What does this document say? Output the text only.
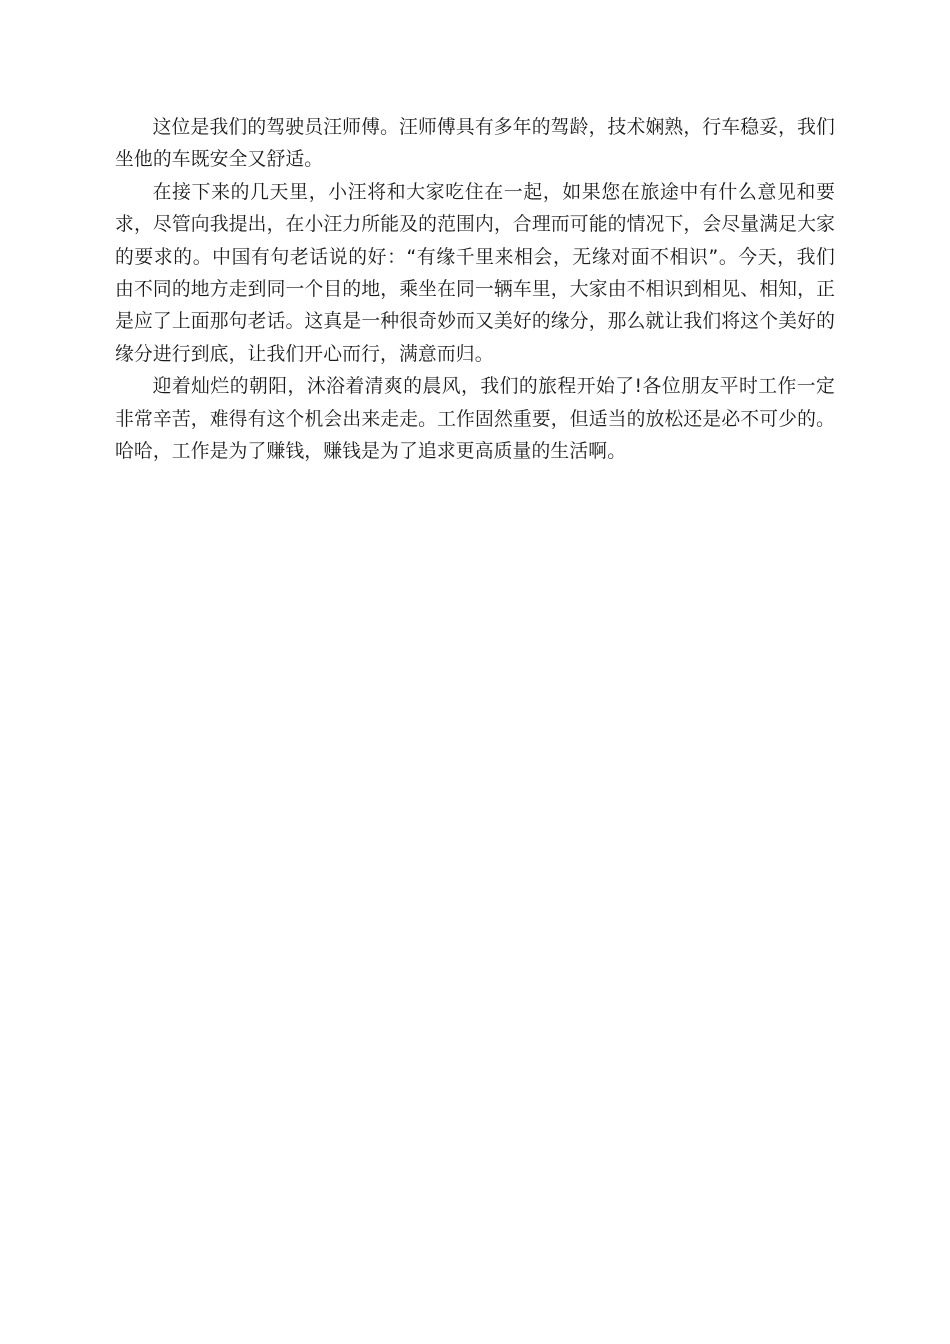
这位是我们的驾驶员汪师傅。汪师傅具有多年的驾龄，技术娴熟，行车稳妥，我们坐他的车既安全又舒适。

在接下来的几天里，小汪将和大家吃住在一起，如果您在旅途中有什么意见和要求，尽管向我提出，在小汪力所能及的范围内，合理而可能的情况下，会尽量满足大家的要求的。中国有句老话说的好：“有缘千里来相会，无缘对面不相识”。今天，我们由不同的地方走到同一个目的地，乘坐在同一辆车里，大家由不相识到相见、相知，正是应了上面那句老话。这真是一种很奇妙而又美好的缘分，那么就让我们将这个美好的缘分进行到底，让我们开心而行，满意而归。

迎着灿烂的朝阳，沐浴着清爽的晨风，我们的旅程开始了!各位朋友平时工作一定非常辛苦，难得有这个机会出来走走。工作固然重要，但适当的放松还是必不可少的。哈哈，工作是为了赚钱，赚钱是为了追求更高质量的生活啊。
